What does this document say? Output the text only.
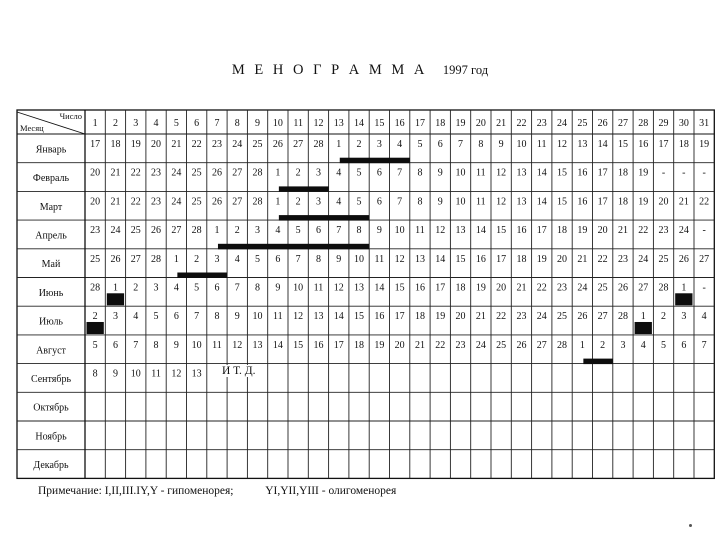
М Е Н О Г Р А М М А 1997 год
Число
Месяц	1 2 3 4 5 6 7 8 9 10 11 12 13 14 15 16 17 18 19 20 21 22 23 24 25 26 27 28 29 30 31
Январь 17 18 19 20 21 22 23 24 25 26 27 28 1 2 3 4 5 6 7 8 9 10 11 12 13 14 15 16 17 18 19
Февраль 20 21 22 23 24 25 26 27 28 1 2 3 4 5 6 7 8 9 10 11 12 13 14 15 16 17 18 19 - - -
Март	20 21 22 23 24 25 26 27 28 1 2 3 4 5 6 7 8 9 10 11 12 13 14 15 16 17 18 19 20 21 22
Апрель 23 24 25 26 27 28 1 2 3 4 5 6 7 8 9 10 11 12 13 14 15 16 17 18 19 20 21 22 23 24 -
Май	25 26 27 28 1 2 3 4 5 6 7 8 9 10 11 12 13 14 15 16 17 18 19 20 21 22 23 24 25 26 27
Июнь	28 1 2 3 4 5 6 7 8 9 10 11 12 13 14 15 16 17 18 19 20 21 22 23 24 25 26 27 28 1 -
Июль	2 3 4 5 6 7 8 9 10 11 12 13 14 15 16 17 18 19 20 21 22 23 24 25 26 27 28 1 2 3 4
Август	5 6 7 8 9 10 11 12 13 14 15 16 17 18 19 20 21 22 23 24 25 26 27 28 1 2 3 4 5 6 7
Сентябрь 8 9 10 11 12 13
Октябрь
Ноябрь
Декабрь
И Т. Д.
Примечание: I,II,III.IY,Y - гипоменорея;	YI,YII,YIII - олигоменорея
